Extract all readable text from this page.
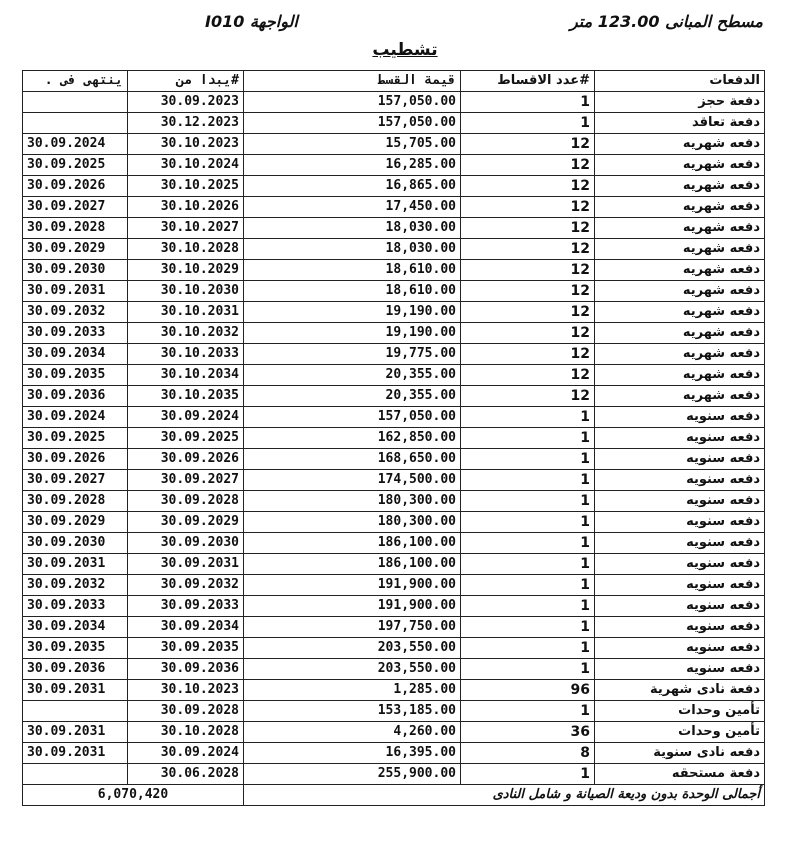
مسطح المبانى 123.00 متر
الواجهة I010
تشطيب
ينتهى فى .	#يبدا من	قيمة القسط	#عدد الاقساط	الدفعات
	30.09.2023	157,050.00	1	دفعة حجز
	30.12.2023	157,050.00	1	دفعة تعاقد
30.09.2024	30.10.2023	15,705.00	12	دفعه شهريه
30.09.2025	30.10.2024	16,285.00	12	دفعه شهريه
30.09.2026	30.10.2025	16,865.00	12	دفعه شهريه
30.09.2027	30.10.2026	17,450.00	12	دفعه شهريه
30.09.2028	30.10.2027	18,030.00	12	دفعه شهريه
30.09.2029	30.10.2028	18,030.00	12	دفعه شهريه
30.09.2030	30.10.2029	18,610.00	12	دفعه شهريه
30.09.2031	30.10.2030	18,610.00	12	دفعه شهريه
30.09.2032	30.10.2031	19,190.00	12	دفعه شهريه
30.09.2033	30.10.2032	19,190.00	12	دفعه شهريه
30.09.2034	30.10.2033	19,775.00	12	دفعه شهريه
30.09.2035	30.10.2034	20,355.00	12	دفعه شهريه
30.09.2036	30.10.2035	20,355.00	12	دفعه شهريه
30.09.2024	30.09.2024	157,050.00	1	دفعه سنويه
30.09.2025	30.09.2025	162,850.00	1	دفعه سنويه
30.09.2026	30.09.2026	168,650.00	1	دفعه سنويه
30.09.2027	30.09.2027	174,500.00	1	دفعه سنويه
30.09.2028	30.09.2028	180,300.00	1	دفعه سنويه
30.09.2029	30.09.2029	180,300.00	1	دفعه سنويه
30.09.2030	30.09.2030	186,100.00	1	دفعه سنويه
30.09.2031	30.09.2031	186,100.00	1	دفعه سنويه
30.09.2032	30.09.2032	191,900.00	1	دفعه سنويه
30.09.2033	30.09.2033	191,900.00	1	دفعه سنويه
30.09.2034	30.09.2034	197,750.00	1	دفعه سنويه
30.09.2035	30.09.2035	203,550.00	1	دفعه سنويه
30.09.2036	30.09.2036	203,550.00	1	دفعه سنويه
30.09.2031	30.10.2023	1,285.00	96	دفعة نادى شهرية
	30.09.2028	153,185.00	1	تأمين وحدات
30.09.2031	30.10.2028	4,260.00	36	تأمين وحدات
30.09.2031	30.09.2024	16,395.00	8	دفعه نادى سنوية
	30.06.2028	255,900.00	1	دفعة مستحقه
6,070,420		أجمالى الوحدة بدون وديعة الصيانة و شامل النادى		
